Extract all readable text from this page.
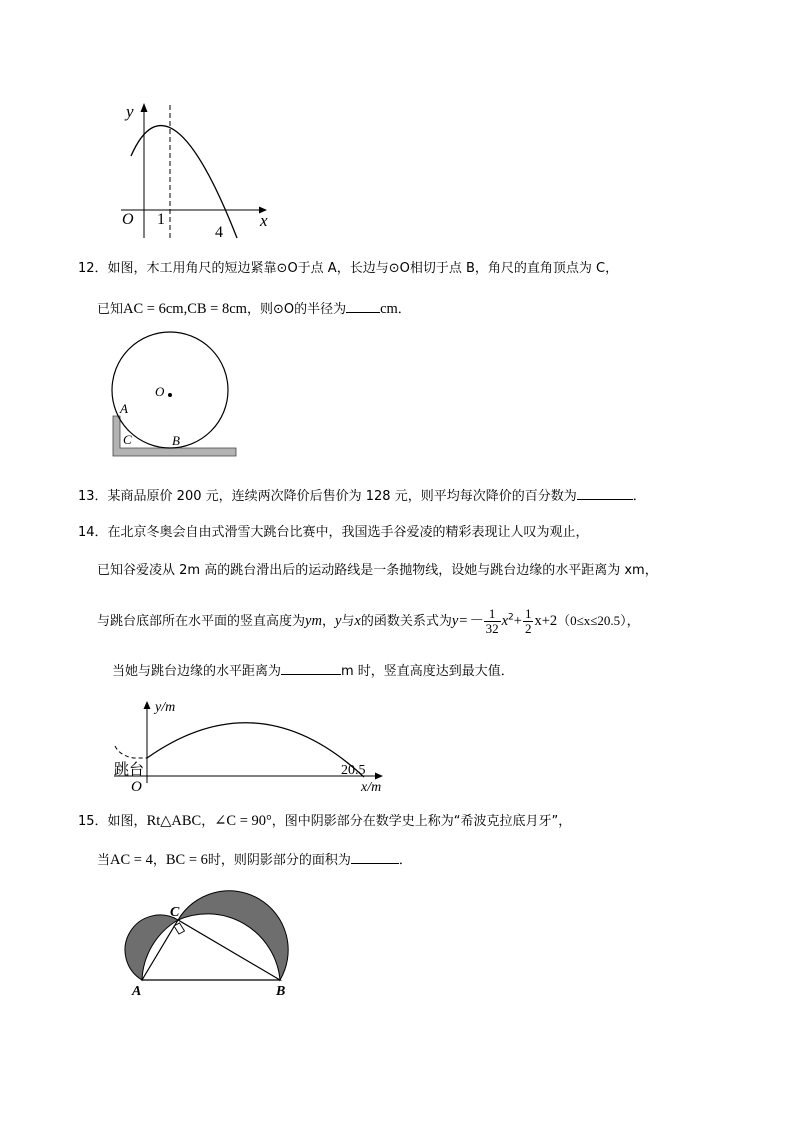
y
x
O 1
4
12．如图，木工用角尺的短边紧靠⊙O于点 A，长边与⊙O相切于点 B，角尺的直角顶点为 C，
已知AC = 6cm,CB = 8cm，则⊙O的半径为 cm．
O
A
C	B
13．某商品原价 200 元，连续两次降价后售价为 128 元，则平均每次降价的百分数为	．
14．在北京冬奥会自由式滑雪大跳台比赛中，我国选手谷爱凌的精彩表现让人叹为观止，
已知谷爱凌从 2m 高的跳台滑出后的运动路线是一条抛物线，设她与跳台边缘的水平距离为 xm，
与跳台底部所在水平面的竖直高度为ym，y与x的函数关系式为$y=- \frac{1}{32} x^2+ \frac{1}{2} x+2(0\le x\le 20.5)$，
当她与跳台边缘的水平距离为	m 时，竖直高度达到最大值．
y/m
x/m
O
跳台	20.5
15．如图，Rt△ABC，∠C = 90°，图中阴影部分在数学史上称为“希波克拉底月牙”，
当AC = 4，BC = 6时，则阴影部分的面积为	．
A	B
C
